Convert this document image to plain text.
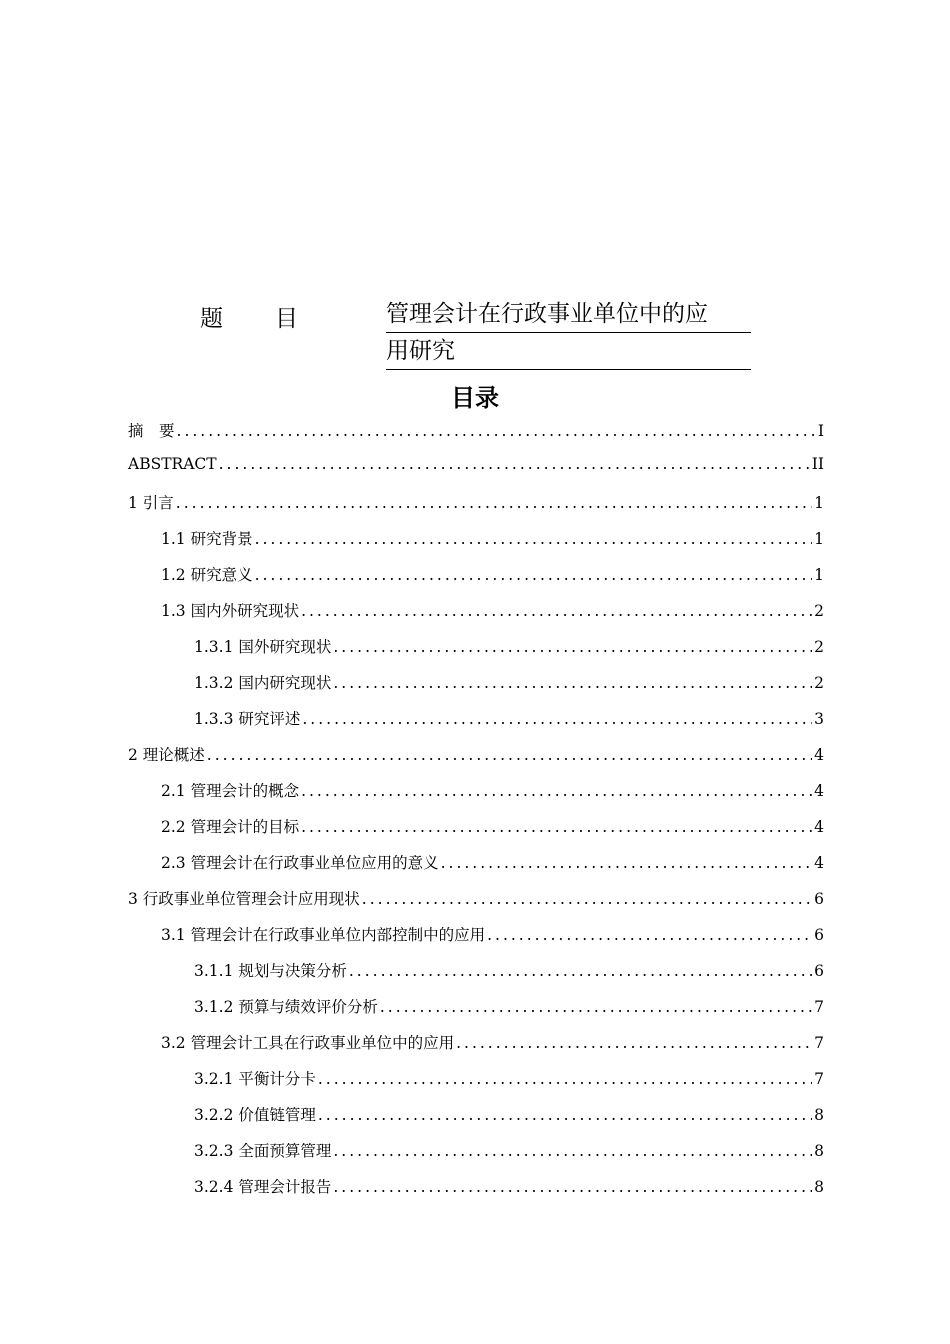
题 目	管理会计在行政事业单位中的应
用研究
目录
摘　要 .....	I
ABSTRACT .....	II
1 引言 .....	1
1.1 研究背景 .....	1
1.2 研究意义 .....	1
1.3 国内外研究现状 .....	2
1.3.1 国外研究现状 .....	2
1.3.2 国内研究现状 .....	2
1.3.3 研究评述 .....	3
2 理论概述 .....	4
2.1 管理会计的概念 .....	4
2.2 管理会计的目标 .....	4
2.3 管理会计在行政事业单位应用的意义 .....	4
3 行政事业单位管理会计应用现状 .....	6
3.1 管理会计在行政事业单位内部控制中的应用 .....	6
3.1.1 规划与决策分析 .....	6
3.1.2 预算与绩效评价分析 .....	7
3.2 管理会计工具在行政事业单位中的应用 .....	7
3.2.1 平衡计分卡 .....	7
3.2.2 价值链管理 .....	8
3.2.3 全面预算管理 .....	8
3.2.4 管理会计报告 .....	8
